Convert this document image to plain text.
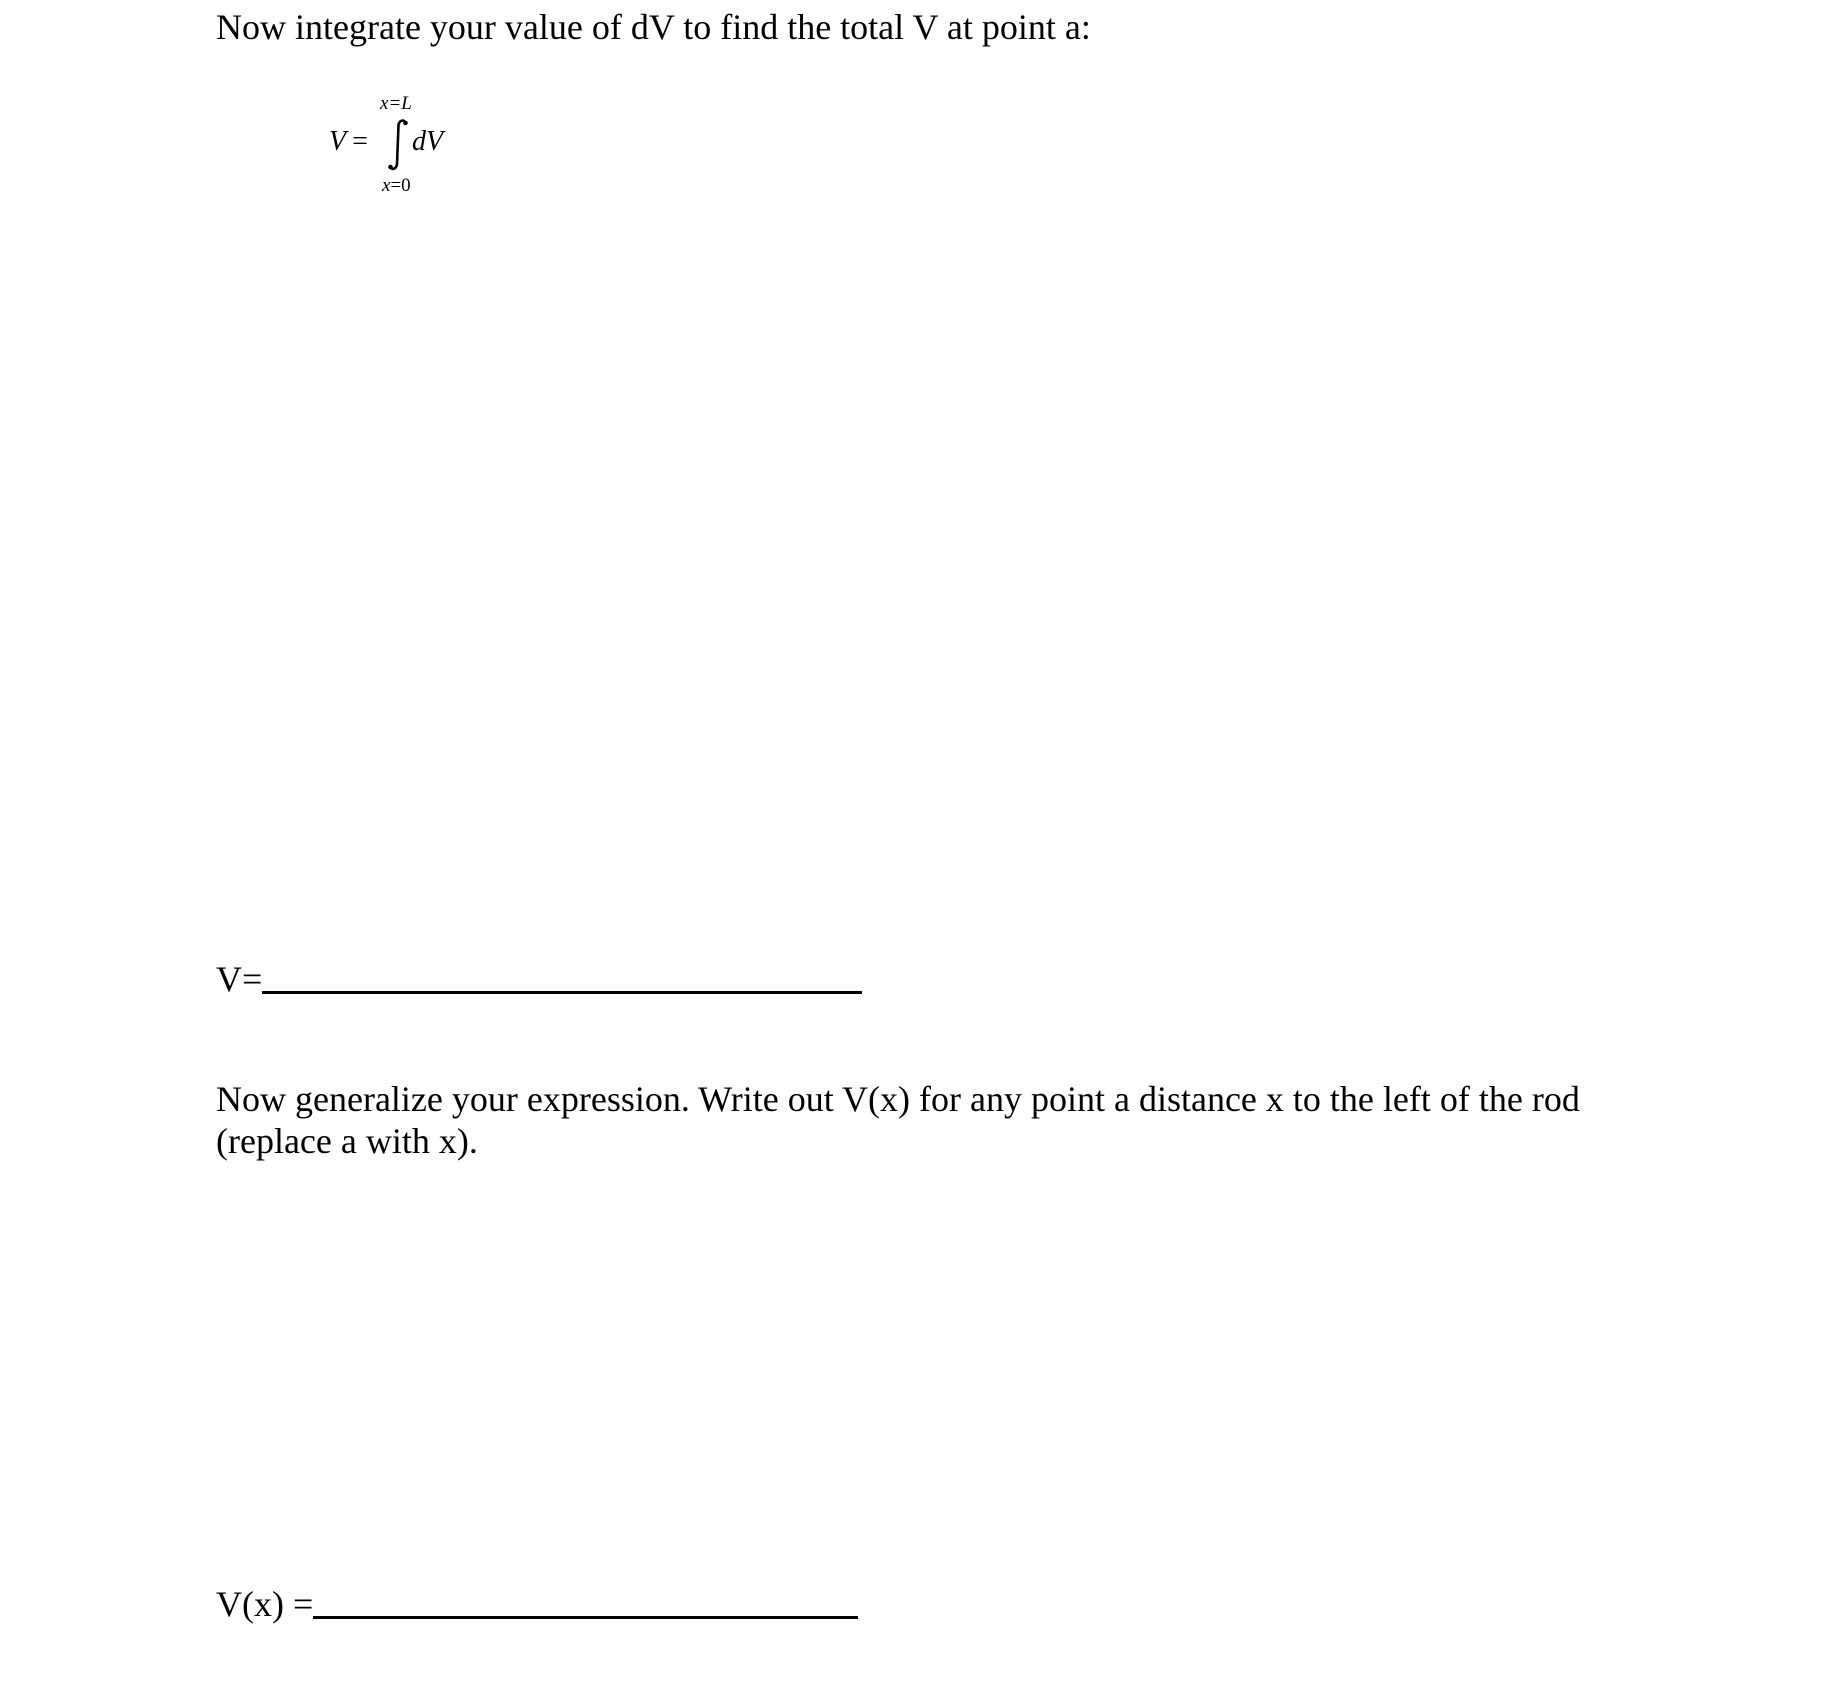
Now integrate your value of dV to find the total V at point a:
V =
x=L
dV
x=0
V=
Now generalize your expression. Write out V(x) for any point a distance x to the left of the rod
(replace a with x).
V(x) =
